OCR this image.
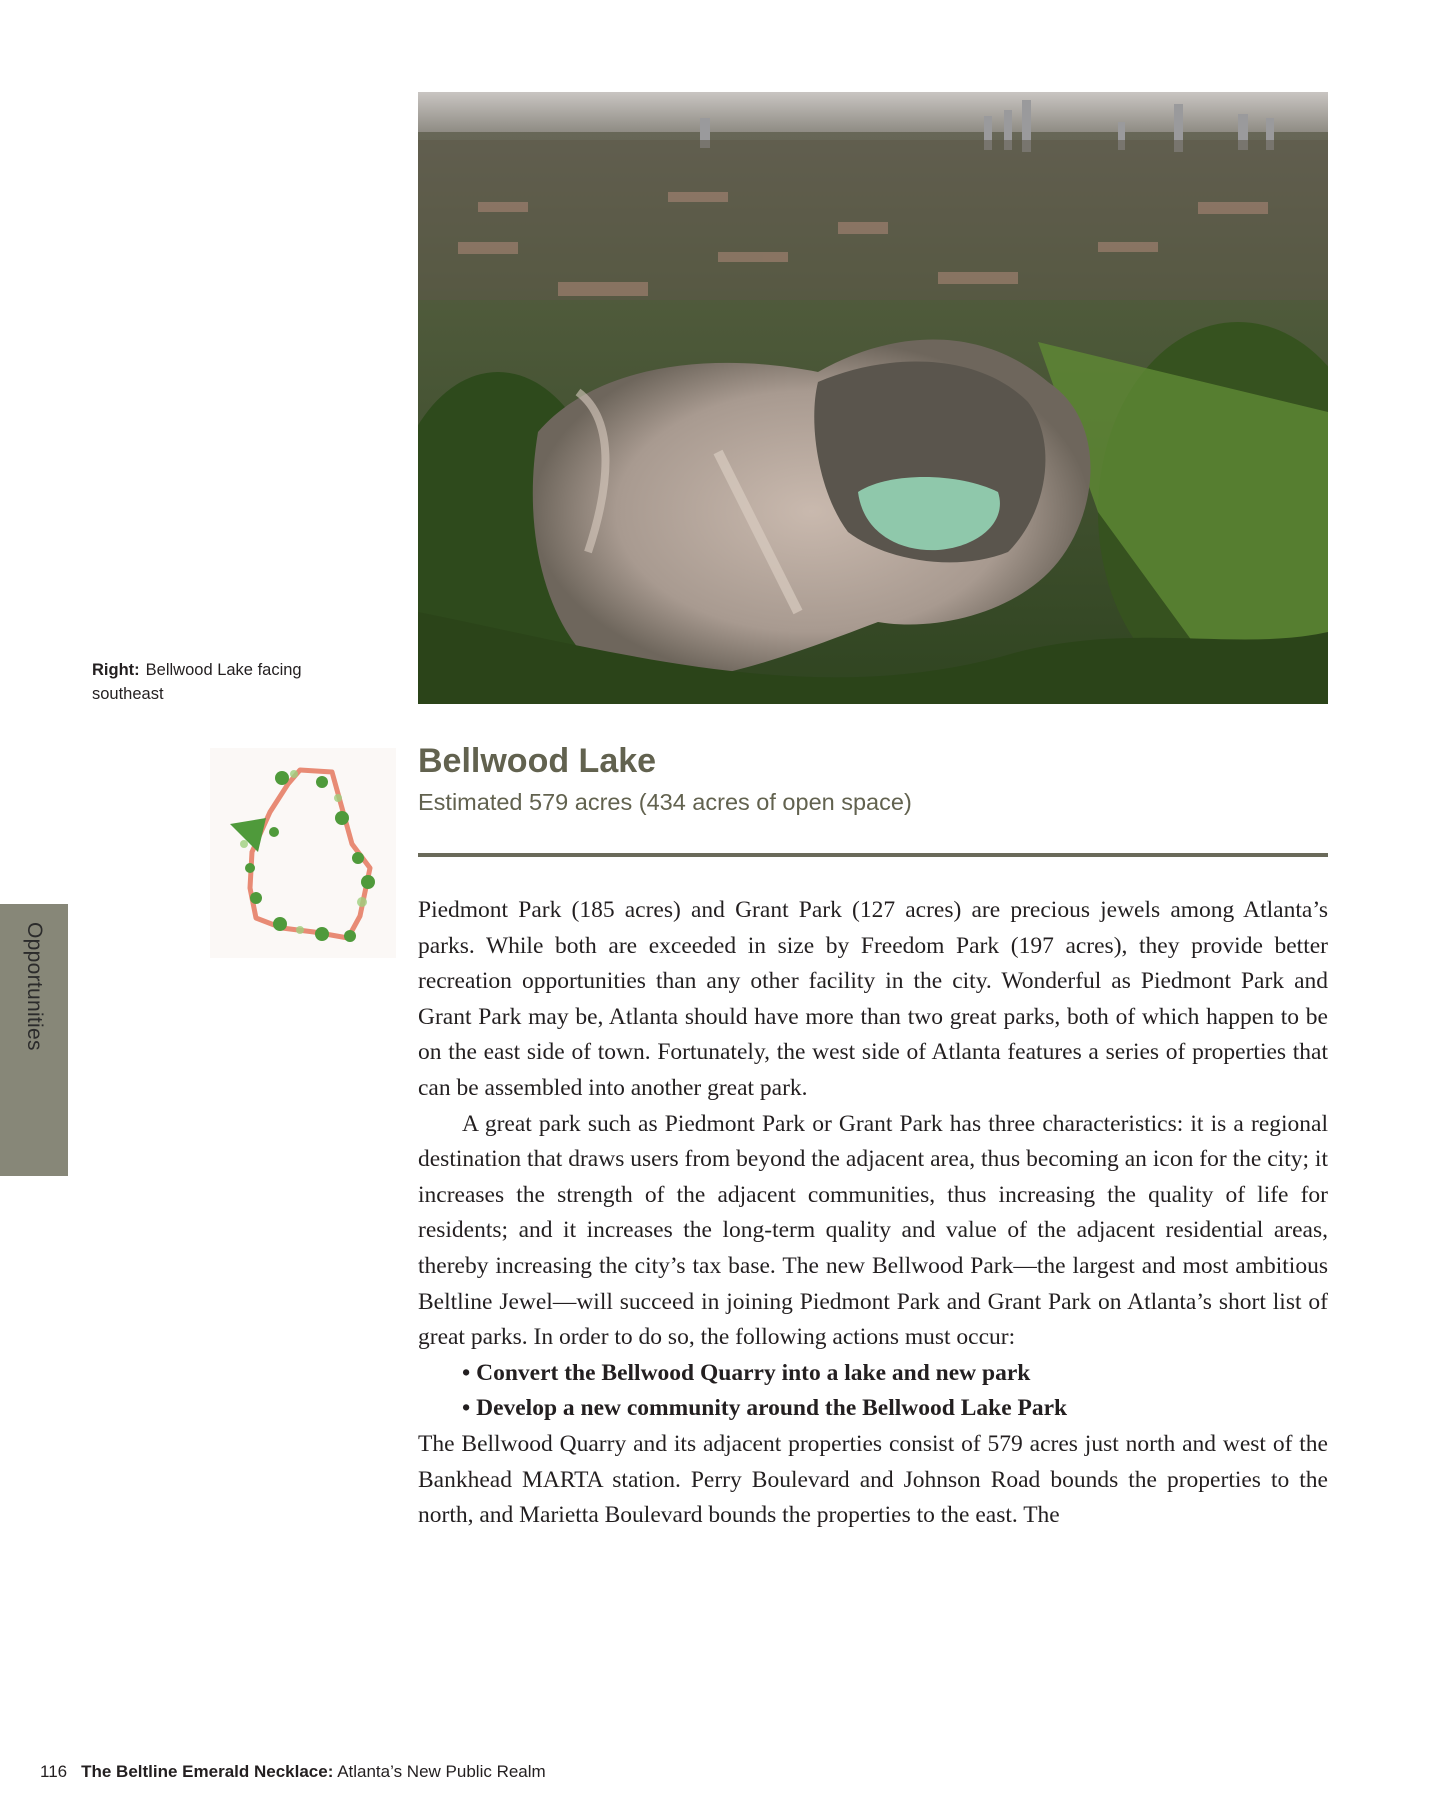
Right: Bellwood Lake facing southeast
Opportunities
Bellwood Lake
Estimated 579 acres (434 acres of open space)

Piedmont Park (185 acres) and Grant Park (127 acres) are precious jewels among Atlanta’s parks. While both are exceeded in size by Freedom Park (197 acres), they provide better recreation opportunities than any other facility in the city. Wonderful as Piedmont Park and Grant Park may be, Atlanta should have more than two great parks, both of which happen to be on the east side of town. Fortunately, the west side of Atlanta features a series of properties that can be assembled into another great park.

A great park such as Piedmont Park or Grant Park has three characteristics: it is a regional destination that draws users from beyond the adjacent area, thus becoming an icon for the city; it increases the strength of the adjacent communities, thus increasing the quality of life for residents; and it increases the long-term quality and value of the adjacent residential areas, thereby increasing the city’s tax base. The new Bellwood Park—the largest and most ambitious Beltline Jewel—will succeed in joining Piedmont Park and Grant Park on Atlanta’s short list of great parks. In order to do so, the following actions must occur:

• Convert the Bellwood Quarry into a lake and new park

• Develop a new community around the Bellwood Lake Park

The Bellwood Quarry and its adjacent properties consist of 579 acres just north and west of the Bankhead MARTA station. Perry Boulevard and Johnson Road bounds the properties to the north, and Marietta Boulevard bounds the properties to the east. The

116 The Beltline Emerald Necklace: Atlanta’s New Public Realm
